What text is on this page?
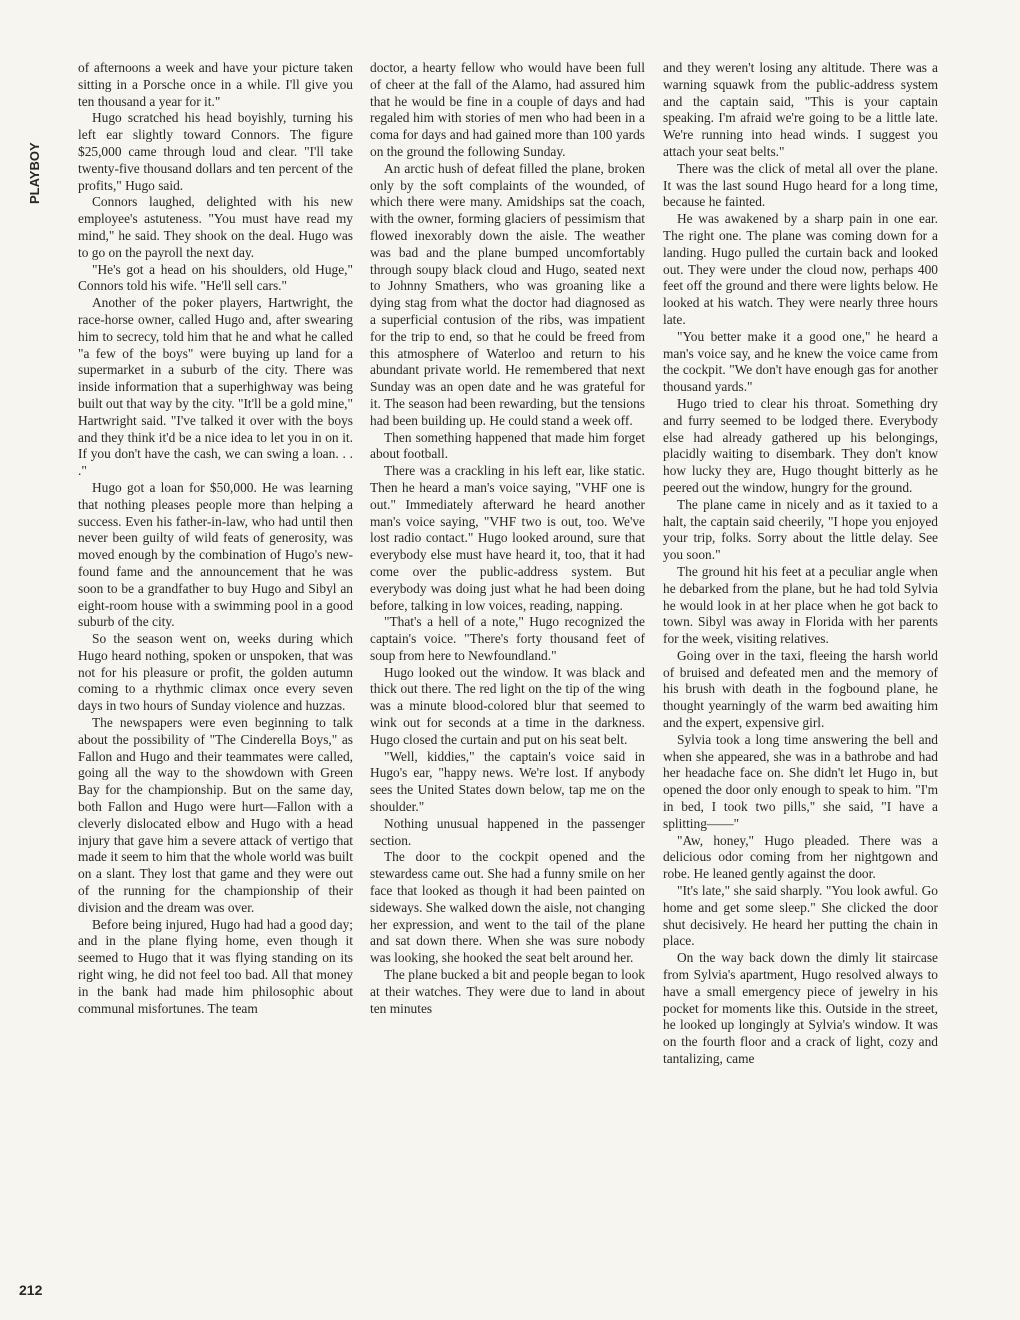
PLAYBOY
212

of afternoons a week and have your picture taken sitting in a Porsche once in a while. I'll give you ten thousand a year for it."

Hugo scratched his head boyishly, turning his left ear slightly toward Connors. The figure $25,000 came through loud and clear. "I'll take twenty-five thousand dollars and ten percent of the profits," Hugo said.

Connors laughed, delighted with his new employee's astuteness. "You must have read my mind," he said. They shook on the deal. Hugo was to go on the payroll the next day.

"He's got a head on his shoulders, old Huge," Connors told his wife. "He'll sell cars."

Another of the poker players, Hartwright, the race-horse owner, called Hugo and, after swearing him to secrecy, told him that he and what he called "a few of the boys" were buying up land for a supermarket in a suburb of the city. There was inside information that a superhighway was being built out that way by the city. "It'll be a gold mine," Hartwright said. "I've talked it over with the boys and they think it'd be a nice idea to let you in on it. If you don't have the cash, we can swing a loan. . . ."

Hugo got a loan for $50,000. He was learning that nothing pleases people more than helping a success. Even his father-in-law, who had until then never been guilty of wild feats of generosity, was moved enough by the combination of Hugo's new-found fame and the announcement that he was soon to be a grandfather to buy Hugo and Sibyl an eight-room house with a swimming pool in a good suburb of the city.

So the season went on, weeks during which Hugo heard nothing, spoken or unspoken, that was not for his pleasure or profit, the golden autumn coming to a rhythmic climax once every seven days in two hours of Sunday violence and huzzas.

The newspapers were even beginning to talk about the possibility of "The Cinderella Boys," as Fallon and Hugo and their teammates were called, going all the way to the showdown with Green Bay for the championship. But on the same day, both Fallon and Hugo were hurt—Fallon with a cleverly dislocated elbow and Hugo with a head injury that gave him a severe attack of vertigo that made it seem to him that the whole world was built on a slant. They lost that game and they were out of the running for the championship of their division and the dream was over.

Before being injured, Hugo had had a good day; and in the plane flying home, even though it seemed to Hugo that it was flying standing on its right wing, he did not feel too bad. All that money in the bank had made him philosophic about communal misfortunes. The team

doctor, a hearty fellow who would have been full of cheer at the fall of the Alamo, had assured him that he would be fine in a couple of days and had regaled him with stories of men who had been in a coma for days and had gained more than 100 yards on the ground the following Sunday.

An arctic hush of defeat filled the plane, broken only by the soft complaints of the wounded, of which there were many. Amidships sat the coach, with the owner, forming glaciers of pessimism that flowed inexorably down the aisle. The weather was bad and the plane bumped uncomfortably through soupy black cloud and Hugo, seated next to Johnny Smathers, who was groaning like a dying stag from what the doctor had diagnosed as a superficial contusion of the ribs, was impatient for the trip to end, so that he could be freed from this atmosphere of Waterloo and return to his abundant private world. He remembered that next Sunday was an open date and he was grateful for it. The season had been rewarding, but the tensions had been building up. He could stand a week off.

Then something happened that made him forget about football.

There was a crackling in his left ear, like static. Then he heard a man's voice saying, "VHF one is out." Immediately afterward he heard another man's voice saying, "VHF two is out, too. We've lost radio contact." Hugo looked around, sure that everybody else must have heard it, too, that it had come over the public-address system. But everybody was doing just what he had been doing before, talking in low voices, reading, napping.

"That's a hell of a note," Hugo recognized the captain's voice. "There's forty thousand feet of soup from here to Newfoundland."

Hugo looked out the window. It was black and thick out there. The red light on the tip of the wing was a minute blood-colored blur that seemed to wink out for seconds at a time in the darkness. Hugo closed the curtain and put on his seat belt.

"Well, kiddies," the captain's voice said in Hugo's ear, "happy news. We're lost. If anybody sees the United States down below, tap me on the shoulder."

Nothing unusual happened in the passenger section.

The door to the cockpit opened and the stewardess came out. She had a funny smile on her face that looked as though it had been painted on sideways. She walked down the aisle, not changing her expression, and went to the tail of the plane and sat down there. When she was sure nobody was looking, she hooked the seat belt around her.

The plane bucked a bit and people began to look at their watches. They were due to land in about ten minutes

and they weren't losing any altitude. There was a warning squawk from the public-address system and the captain said, "This is your captain speaking. I'm afraid we're going to be a little late. We're running into head winds. I suggest you attach your seat belts."

There was the click of metal all over the plane. It was the last sound Hugo heard for a long time, because he fainted.

He was awakened by a sharp pain in one ear. The right one. The plane was coming down for a landing. Hugo pulled the curtain back and looked out. They were under the cloud now, perhaps 400 feet off the ground and there were lights below. He looked at his watch. They were nearly three hours late.

"You better make it a good one," he heard a man's voice say, and he knew the voice came from the cockpit. "We don't have enough gas for another thousand yards."

Hugo tried to clear his throat. Something dry and furry seemed to be lodged there. Everybody else had already gathered up his belongings, placidly waiting to disembark. They don't know how lucky they are, Hugo thought bitterly as he peered out the window, hungry for the ground.

The plane came in nicely and as it taxied to a halt, the captain said cheerily, "I hope you enjoyed your trip, folks. Sorry about the little delay. See you soon."

The ground hit his feet at a peculiar angle when he debarked from the plane, but he had told Sylvia he would look in at her place when he got back to town. Sibyl was away in Florida with her parents for the week, visiting relatives.

Going over in the taxi, fleeing the harsh world of bruised and defeated men and the memory of his brush with death in the fogbound plane, he thought yearningly of the warm bed awaiting him and the expert, expensive girl.

Sylvia took a long time answering the bell and when she appeared, she was in a bathrobe and had her headache face on. She didn't let Hugo in, but opened the door only enough to speak to him. "I'm in bed, I took two pills," she said, "I have a splitting——"

"Aw, honey," Hugo pleaded. There was a delicious odor coming from her nightgown and robe. He leaned gently against the door.

"It's late," she said sharply. "You look awful. Go home and get some sleep." She clicked the door shut decisively. He heard her putting the chain in place.

On the way back down the dimly lit staircase from Sylvia's apartment, Hugo resolved always to have a small emergency piece of jewelry in his pocket for moments like this. Outside in the street, he looked up longingly at Sylvia's window. It was on the fourth floor and a crack of light, cozy and tantalizing, came
